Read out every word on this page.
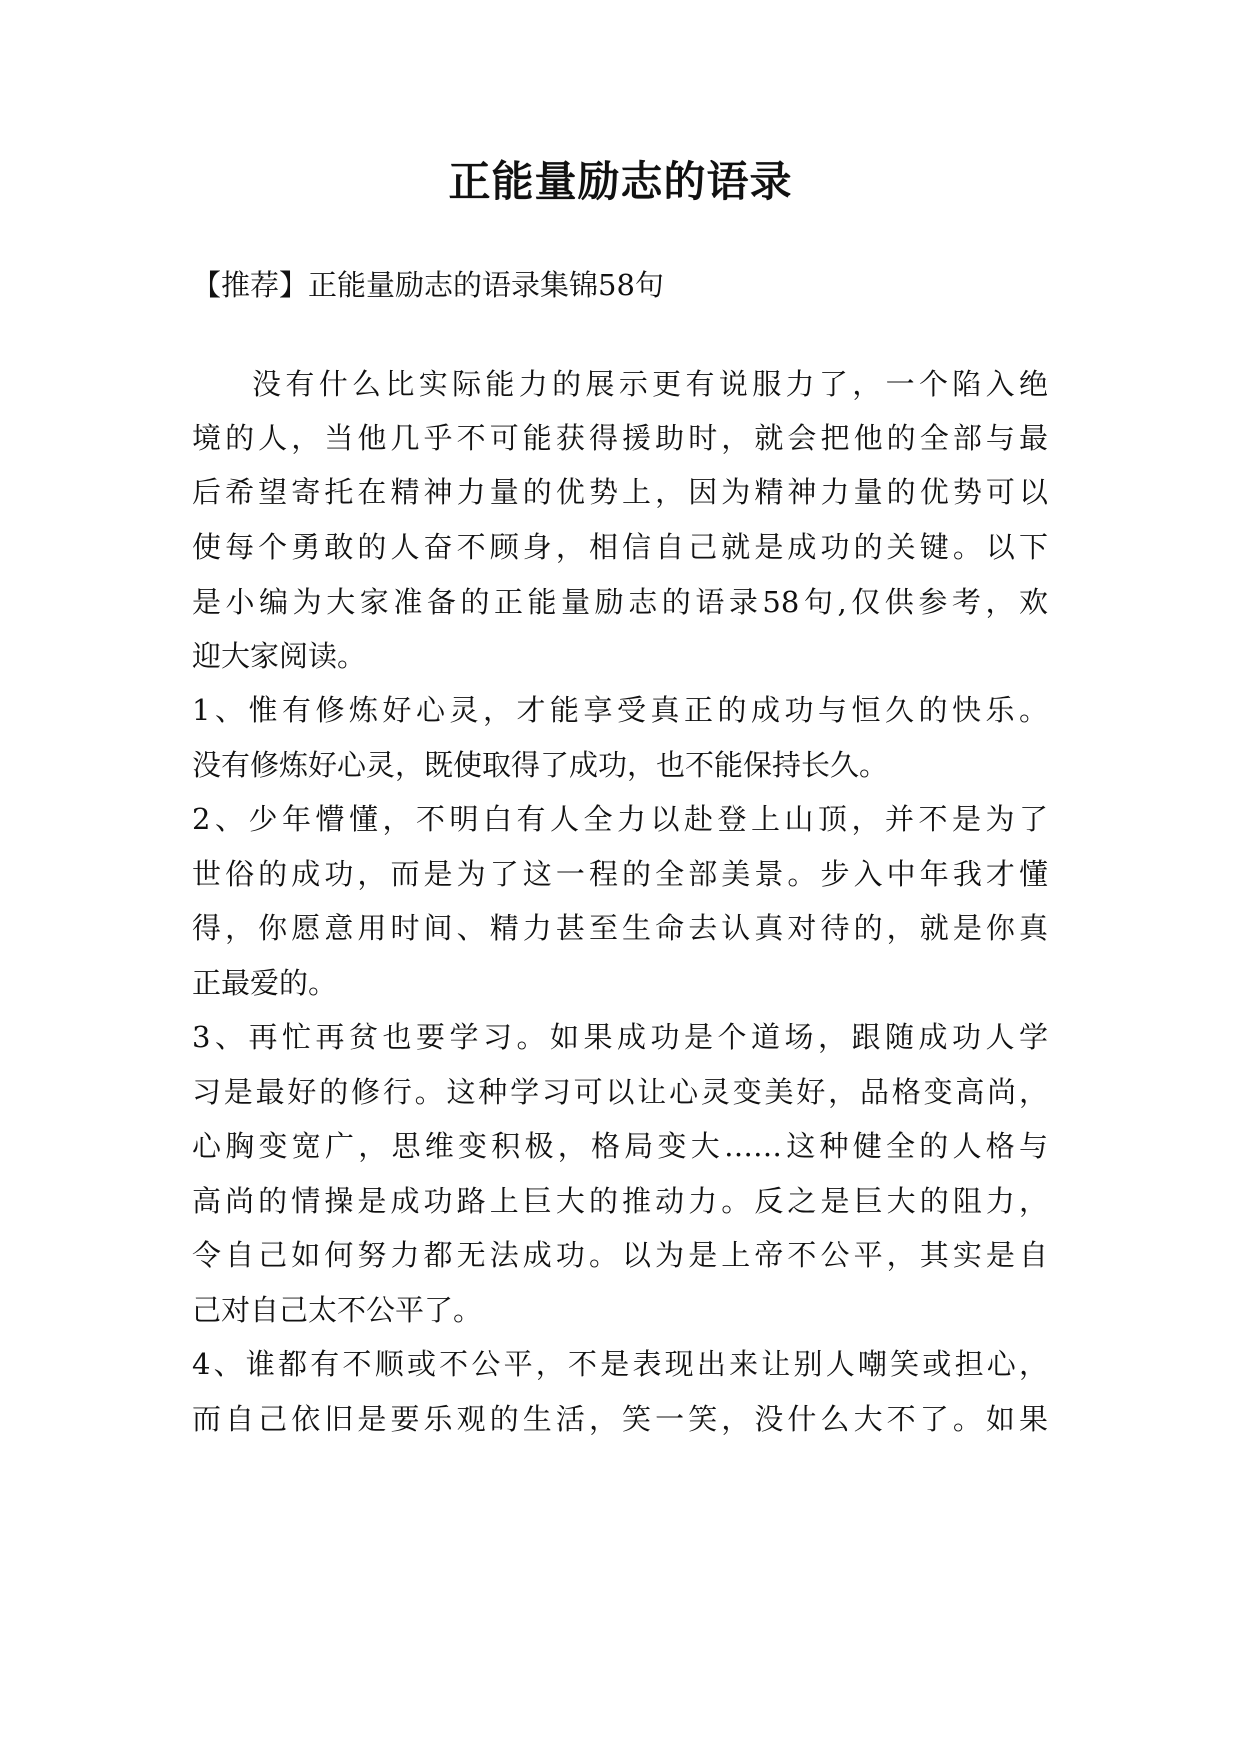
正能量励志的语录
【推荐】正能量励志的语录集锦58句
没有什么比实际能力的展示更有说服力了，一个陷入绝
境的人，当他几乎不可能获得援助时，就会把他的全部与最
后希望寄托在精神力量的优势上，因为精神力量的优势可以
使每个勇敢的人奋不顾身，相信自己就是成功的关键。以下
是小编为大家准备的正能量励志的语录58句,仅供参考，欢
迎大家阅读。
1、惟有修炼好心灵，才能享受真正的成功与恒久的快乐。
没有修炼好心灵，既使取得了成功，也不能保持长久。
2、少年懵懂，不明白有人全力以赴登上山顶，并不是为了
世俗的成功，而是为了这一程的全部美景。步入中年我才懂
得，你愿意用时间、精力甚至生命去认真对待的，就是你真
正最爱的。
3、再忙再贫也要学习。如果成功是个道场，跟随成功人学
习是最好的修行。这种学习可以让心灵变美好，品格变高尚，
心胸变宽广，思维变积极，格局变大……这种健全的人格与
高尚的情操是成功路上巨大的推动力。反之是巨大的阻力，
令自己如何努力都无法成功。以为是上帝不公平，其实是自
己对自己太不公平了。
4、谁都有不顺或不公平，不是表现出来让别人嘲笑或担心，
而自己依旧是要乐观的生活，笑一笑，没什么大不了。如果
